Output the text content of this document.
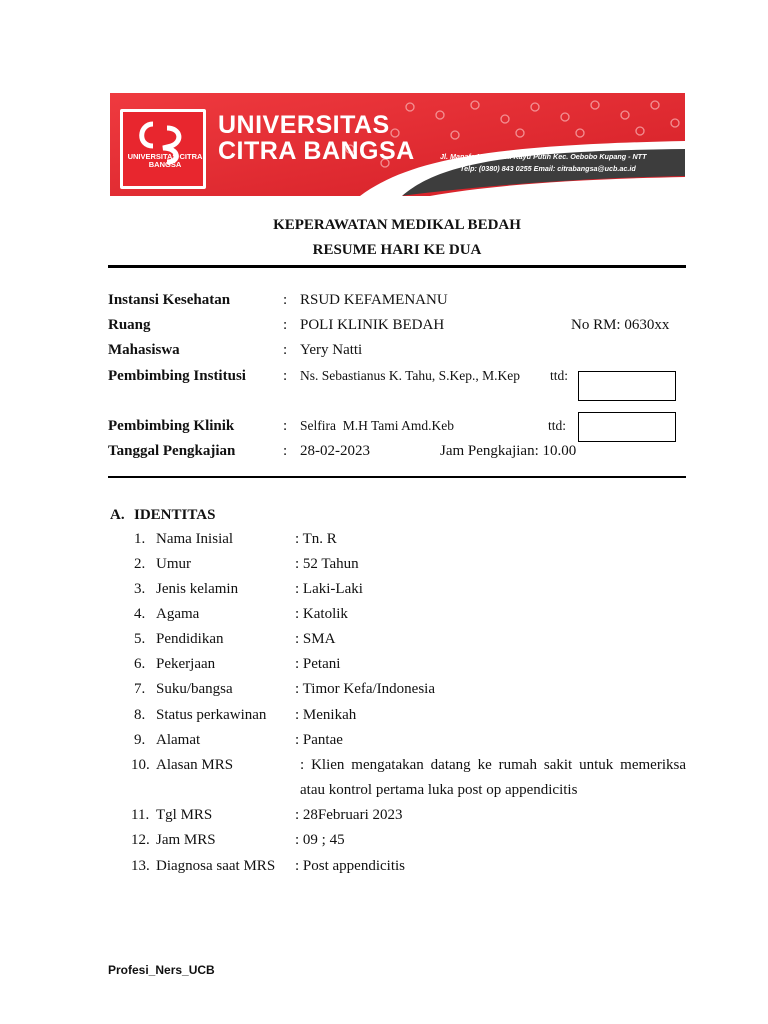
UNIVERSITAS CITRA BANGSA
UNIVERSITAS
CITRA BANGSA	Jl. Manafe No.17 Kel. Kayu Putih Kec. Oebobo Kupang - NTT
Telp: (0380) 843 0255 Email: citrabangsa@ucb.ac.id
KEPERAWATAN MEDIKAL BEDAH
RESUME HARI KE DUA
Instansi Kesehatan	: RSUD KEFAMENANU
Ruang	: POLI KLINIK BEDAH	No RM: 0630xx
Mahasiswa	: Yery Natti
Pembimbing Institusi : Ns. Sebastianus K. Tahu, S.Kep., M.Kep ttd:
Pembimbing Klinik	: Selfira  M.H Tami Amd.Keb	ttd:
Tanggal Pengkajian	: 28-02-2023	Jam Pengkajian: 10.00
A. IDENTITAS
1. Nama Inisial	: Tn. R
2. Umur	: 52 Tahun
3. Jenis kelamin	: Laki-Laki
4. Agama	: Katolik
5. Pendidikan	: SMA
6. Pekerjaan	: Petani
7. Suku/bangsa	: Timor Kefa/Indonesia
8. Status perkawinan : Menikah
9. Alamat	: Pantae
10. Alasan MRS	: Klien mengatakan datang ke rumah sakit untuk memeriksa
atau kontrol pertama luka post op appendicitis
11. Tgl MRS	: 28Februari 2023
12. Jam MRS	: 09 ; 45
13. Diagnosa saat MRS : Post appendicitis
Profesi_Ners_UCB
